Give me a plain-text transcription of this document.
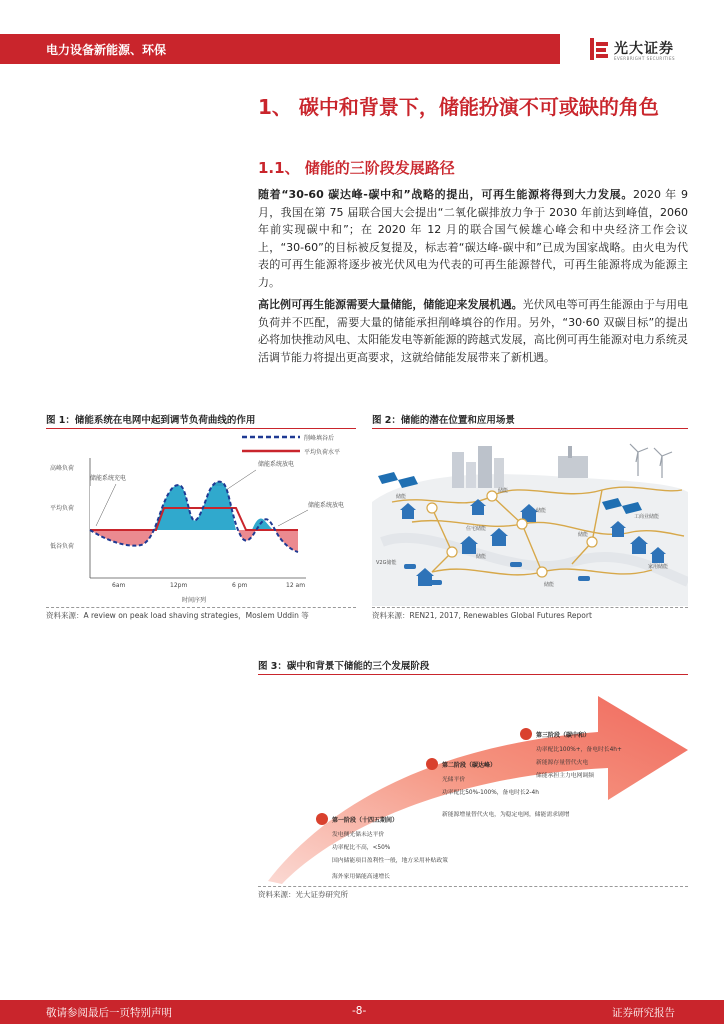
电力设备新能源、环保	光大证券
EVERBRIGHT SECURITIES
1、 碳中和背景下，储能扮演不可或缺的角色
1.1、 储能的三阶段发展路径
随着“30-60 碳达峰-碳中和”战略的提出，可再生能源将得到大力发展。2020 年 9 月，我国在第 75 届联合国大会提出“二氧化碳排放力争于 2030 年前达到峰值，2060 年前实现碳中和”；在 2020 年 12 月的联合国气候雄心峰会和中央经济工作会议上，“30-60”的目标被反复提及，标志着“碳达峰-碳中和”已成为国家战略。由火电为代表的可再生能源将逐步被光伏风电为代表的可再生能源替代，可再生能源将成为能源主力。
高比例可再生能源需要大量储能，储能迎来发展机遇。光伏风电等可再生能源由于与用电负荷并不匹配，需要大量的储能承担削峰填谷的作用。另外，“30·60 双碳目标”的提出必将加快推动风电、太阳能发电等新能源的跨越式发展，高比例可再生能源对电力系统灵活调节能力将提出更高要求，这就给储能发展带来了新机遇。
图 1：储能系统在电网中起到调节负荷曲线的作用
削峰填谷后
平均负荷水平
高峰负荷
平均负荷
低谷负荷
储能系统充电
储能系统放电
储能系统放电
6am	12pm	6 pm	12 am
时间序列
资料来源：A review on peak load shaving strategies，Moslem Uddin 等
图 2：储能的潜在位置和应用场景
储能
储能
住宅储能
储能
工商业储能
储能
V2G储能
储能
家用储能
储能
资料来源：REN21, 2017, Renewables Global Futures Report
图 3：碳中和背景下储能的三个发展阶段
第一阶段（十四五期间）
发电侧光储未达平价
功率配比不高，<50%
国内储能项目盈利性一般，地方采用补贴政策
海外家用储能高速增长
第二阶段（碳达峰）
光储平价
功率配比50%-100%，备电时长2-4h
新能源增量替代火电，为稳定电网，储能需求剧增
第三阶段（碳中和）
功率配比100%+，备电时长4h+
新能源存量替代火电
储能承担主力电网调频
资料来源：光大证券研究所
敬请参阅最后一页特别声明	-8-	证券研究报告
